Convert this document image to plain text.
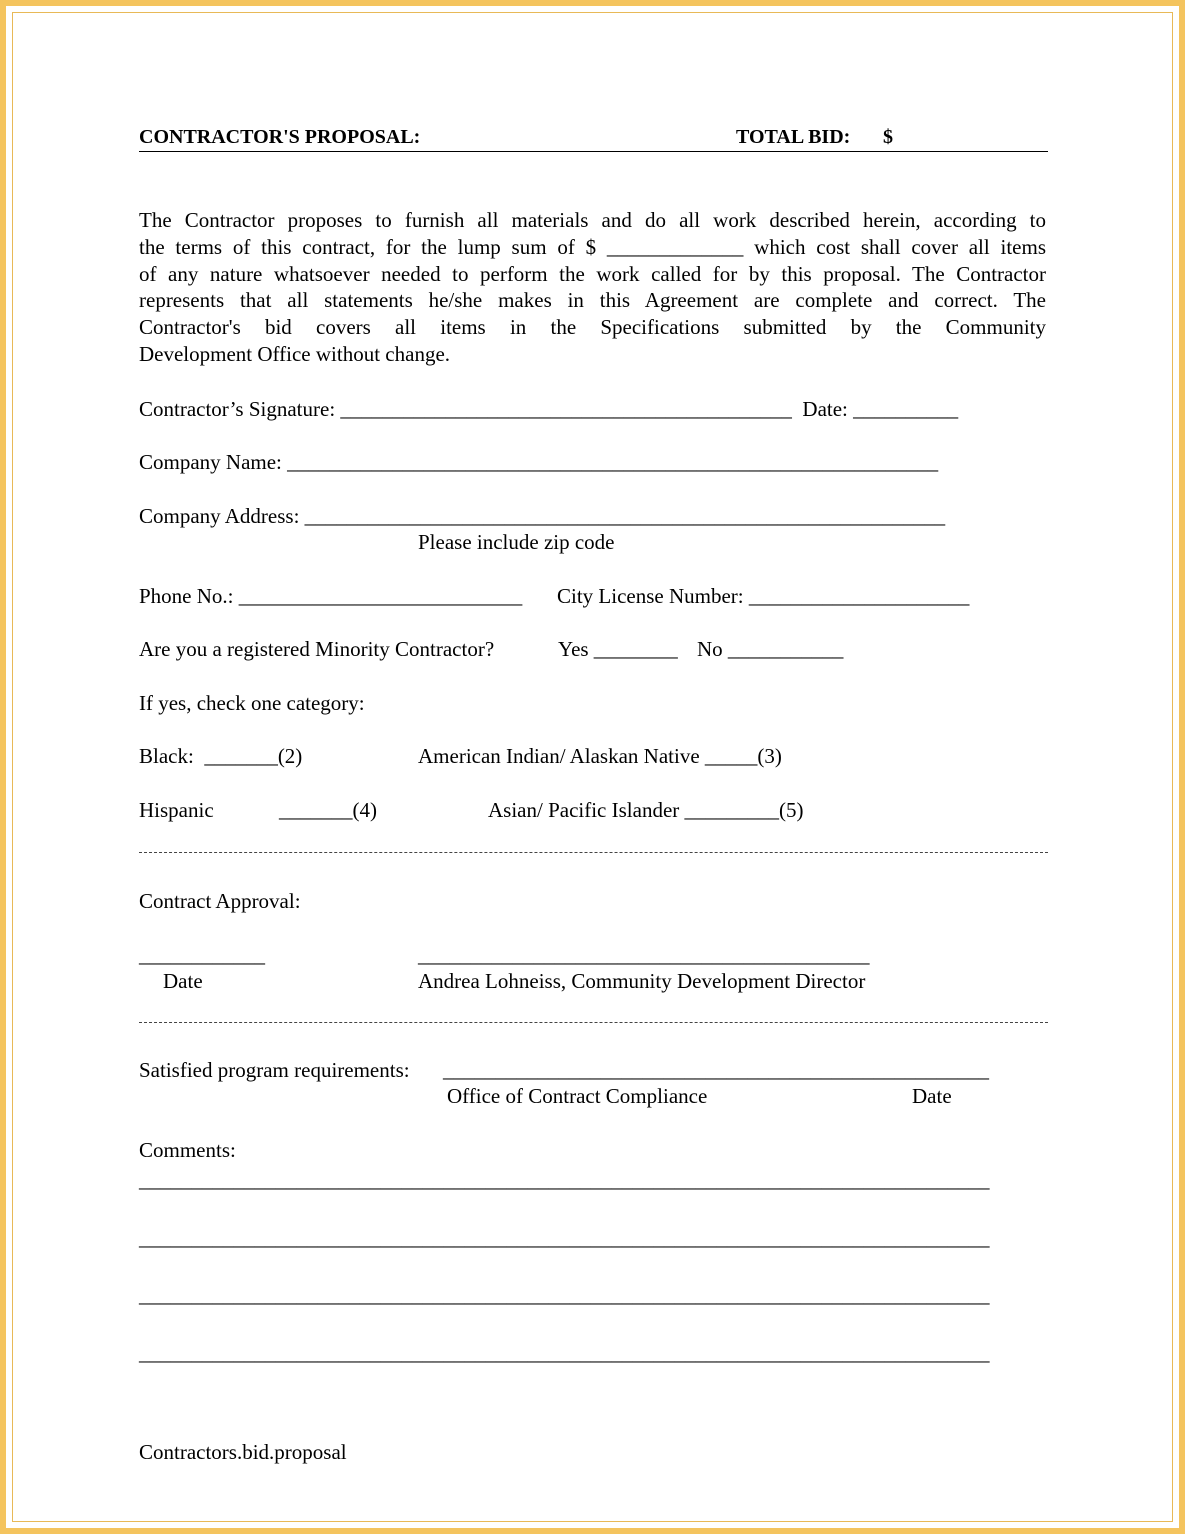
CONTRACTOR'S PROPOSAL:	TOTAL BID: $
The Contractor proposes to furnish all materials and do all work described herein, according to
the terms of this contract, for the lump sum of $ _____________ which cost shall cover all items
of any nature whatsoever needed to perform the work called for by this proposal. The Contractor
represents that all statements he/she makes in this Agreement are complete and correct. The
Contractor's bid covers all items in the Specifications submitted by the Community
Development Office without change.
Contractor’s Signature: ___________________________________________  Date: __________
Company Name: ______________________________________________________________
Company Address: _____________________________________________________________
Please include zip code
Phone No.: ___________________________ City License Number: _____________________
Are you a registered Minority Contractor?	Yes ________ No ___________
If yes, check one category:
Black:  _______(2)	American Indian/ Alaskan Native _____(3)
Hispanic	_______(4)	Asian/ Pacific Islander _________(5)
Contract Approval:
____________	___________________________________________
Date	Andrea Lohneiss, Community Development Director
Satisfied program requirements: ____________________________________________________
Office of Contract Compliance	Date
Comments:
_________________________________________________________________________________
_________________________________________________________________________________
_________________________________________________________________________________
_________________________________________________________________________________
Contractors.bid.proposal
